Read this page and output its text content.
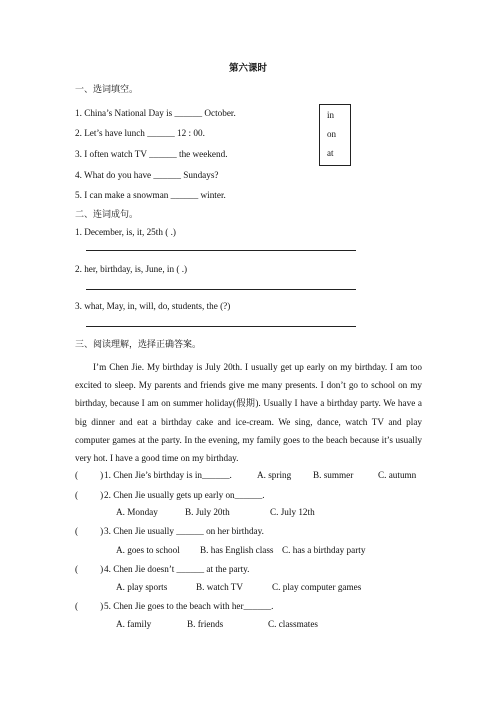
第六课时
一、选词填空。
1. China’s National Day is ______ October.
2. Let’s have lunch ______ 12 : 00.
3. I often watch TV ______ the weekend.
4. What do you have ______ Sundays?
5. I can make a snowman ______ winter.
in
on
at
二、连词成句。
1. December, is, it, 25th ( .)
2. her, birthday, is, June, in ( .)
3. what, May, in, will, do, students, the (?)
三、阅读理解，选择正确答案。
I’m Chen Jie. My birthday is July 20th. I usually get up early on my birthday. I am too excited to sleep. My parents and friends give me many presents. I don’t go to school on my birthday, because I am on summer holiday(假期). Usually I have a birthday party. We have a big dinner and eat a birthday cake and ice-cream. We sing, dance, watch TV and play computer games at the party. In the evening, my family goes to the beach because it’s usually very hot. I have a good time on my birthday.
( ) 1. Chen Jie’s birthday is in______.	A. spring B. summer	C. autumn
( ) 2. Chen Jie usually gets up early on______.
A. Monday	B. July 20th	C. July 12th
( ) 3. Chen Jie usually ______ on her birthday.
A. goes to school B. has English class C. has a birthday party
( ) 4. Chen Jie doesn’t ______ at the party.
A. play sports	B. watch TV	C. play computer games
( ) 5. Chen Jie goes to the beach with her______.
A. family	B. friends	C. classmates
